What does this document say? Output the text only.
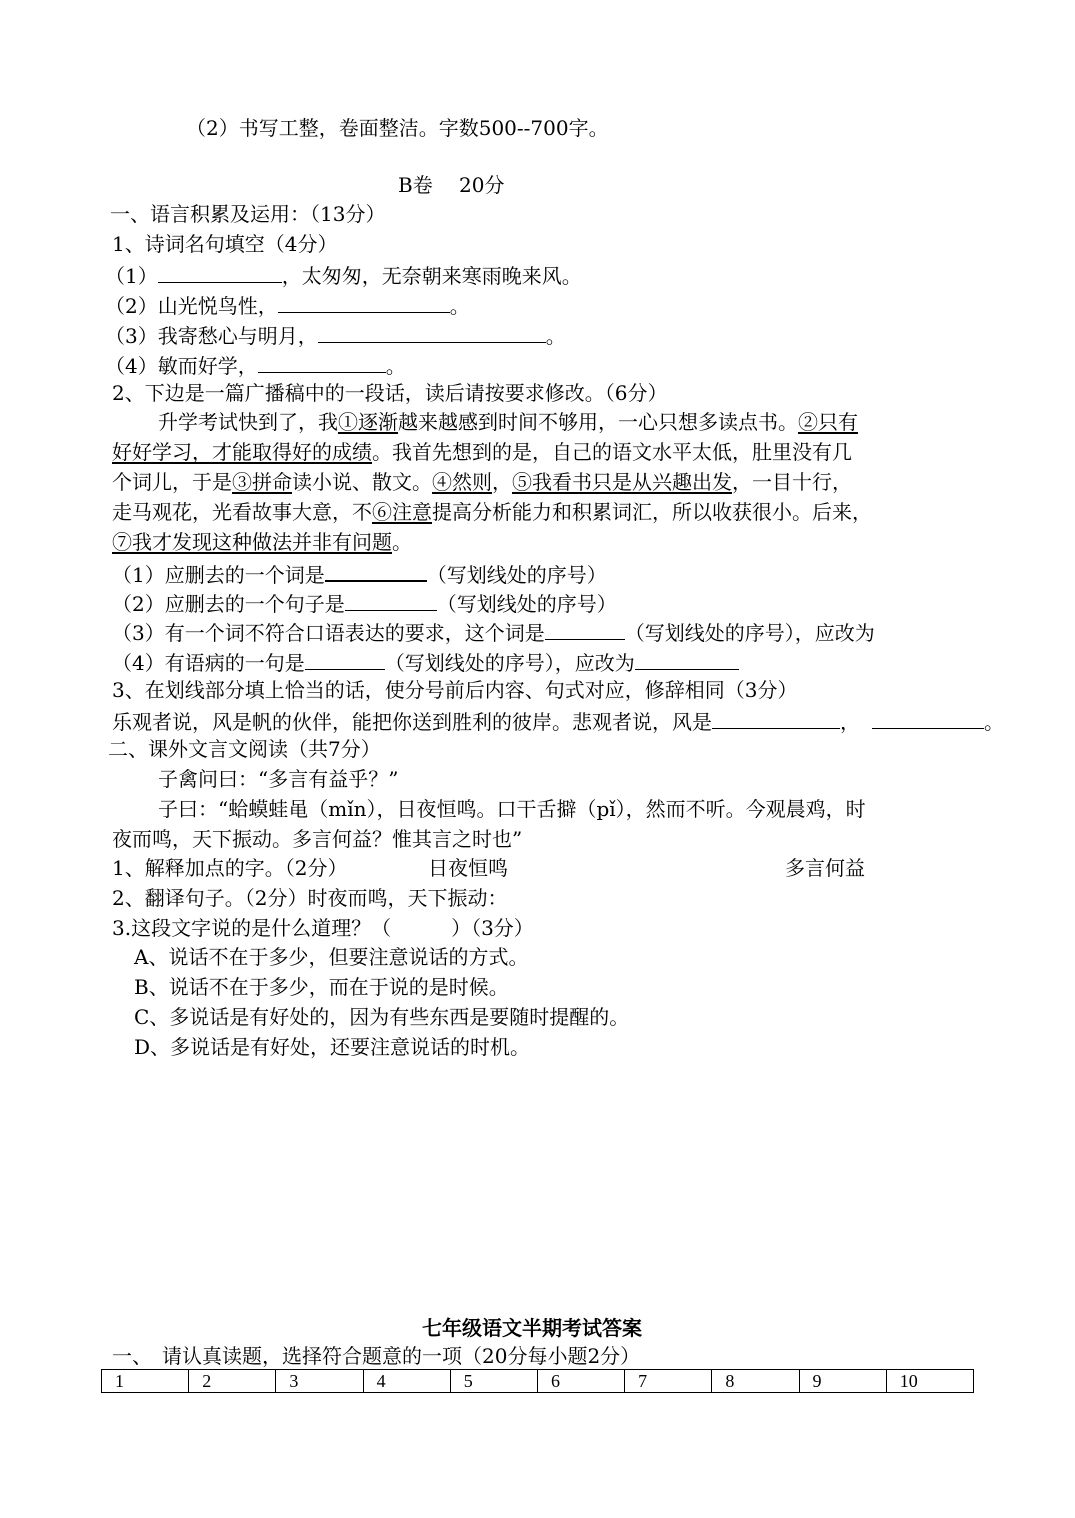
（2）书写工整，卷面整洁。字数500--700字。
B卷　 20分
一、语言积累及运用：（13分）
1、诗词名句填空（4分）
（1）	，太匆匆，无奈朝来寒雨晚来风。
（2）山光悦鸟性，	。
（3）我寄愁心与明月，	。
（4）敏而好学，	。
2、下边是一篇广播稿中的一段话，读后请按要求修改。（6分）
升学考试快到了，我①逐渐越来越感到时间不够用，一心只想多读点书。②只有
好好学习，才能取得好的成绩。我首先想到的是，自己的语文水平太低，肚里没有几
个词儿，于是③拼命读小说、散文。④然则，⑤我看书只是从兴趣出发，一目十行，
走马观花，光看故事大意，不⑥注意提高分析能力和积累词汇，所以收获很小。后来，
⑦我才发现这种做法并非有问题。
（1）应删去的一个词是	（写划线处的序号）
（2）应删去的一个句子是	（写划线处的序号）
（3）有一个词不符合口语表达的要求，这个词是	（写划线处的序号），应改为
（4）有语病的一句是	（写划线处的序号），应改为
3、在划线部分填上恰当的话，使分号前后内容、句式对应，修辞相同（3分）
乐观者说，风是帆的伙伴，能把你送到胜利的彼岸。悲观者说，风是	，	。
二、课外文言文阅读（共7分）
子禽问曰：“多言有益乎？”
子曰：“蛤蟆蛙黾（mǐn），日夜恒鸣。口干舌擗（pǐ），然而不听。今观晨鸡，时
夜而鸣，天下振动。多言何益？惟其言之时也”
1、解释加点的字。（2分）	日夜恒鸣	多言何益
2、翻译句子。（2分）时夜而鸣，天下振动：
3.这段文字说的是什么道理？（　　　）（3分）
A、说话不在于多少，但要注意说话的方式。
B、说话不在于多少，而在于说的是时候。
C、多说话是有好处的，因为有些东西是要随时提醒的。
D、多说话是有好处，还要注意说话的时机。
七年级语文半期考试答案
一、　请认真读题，选择符合题意的一项（20分每小题2分）
1	2	3	4	5	6	7	8	9	10
